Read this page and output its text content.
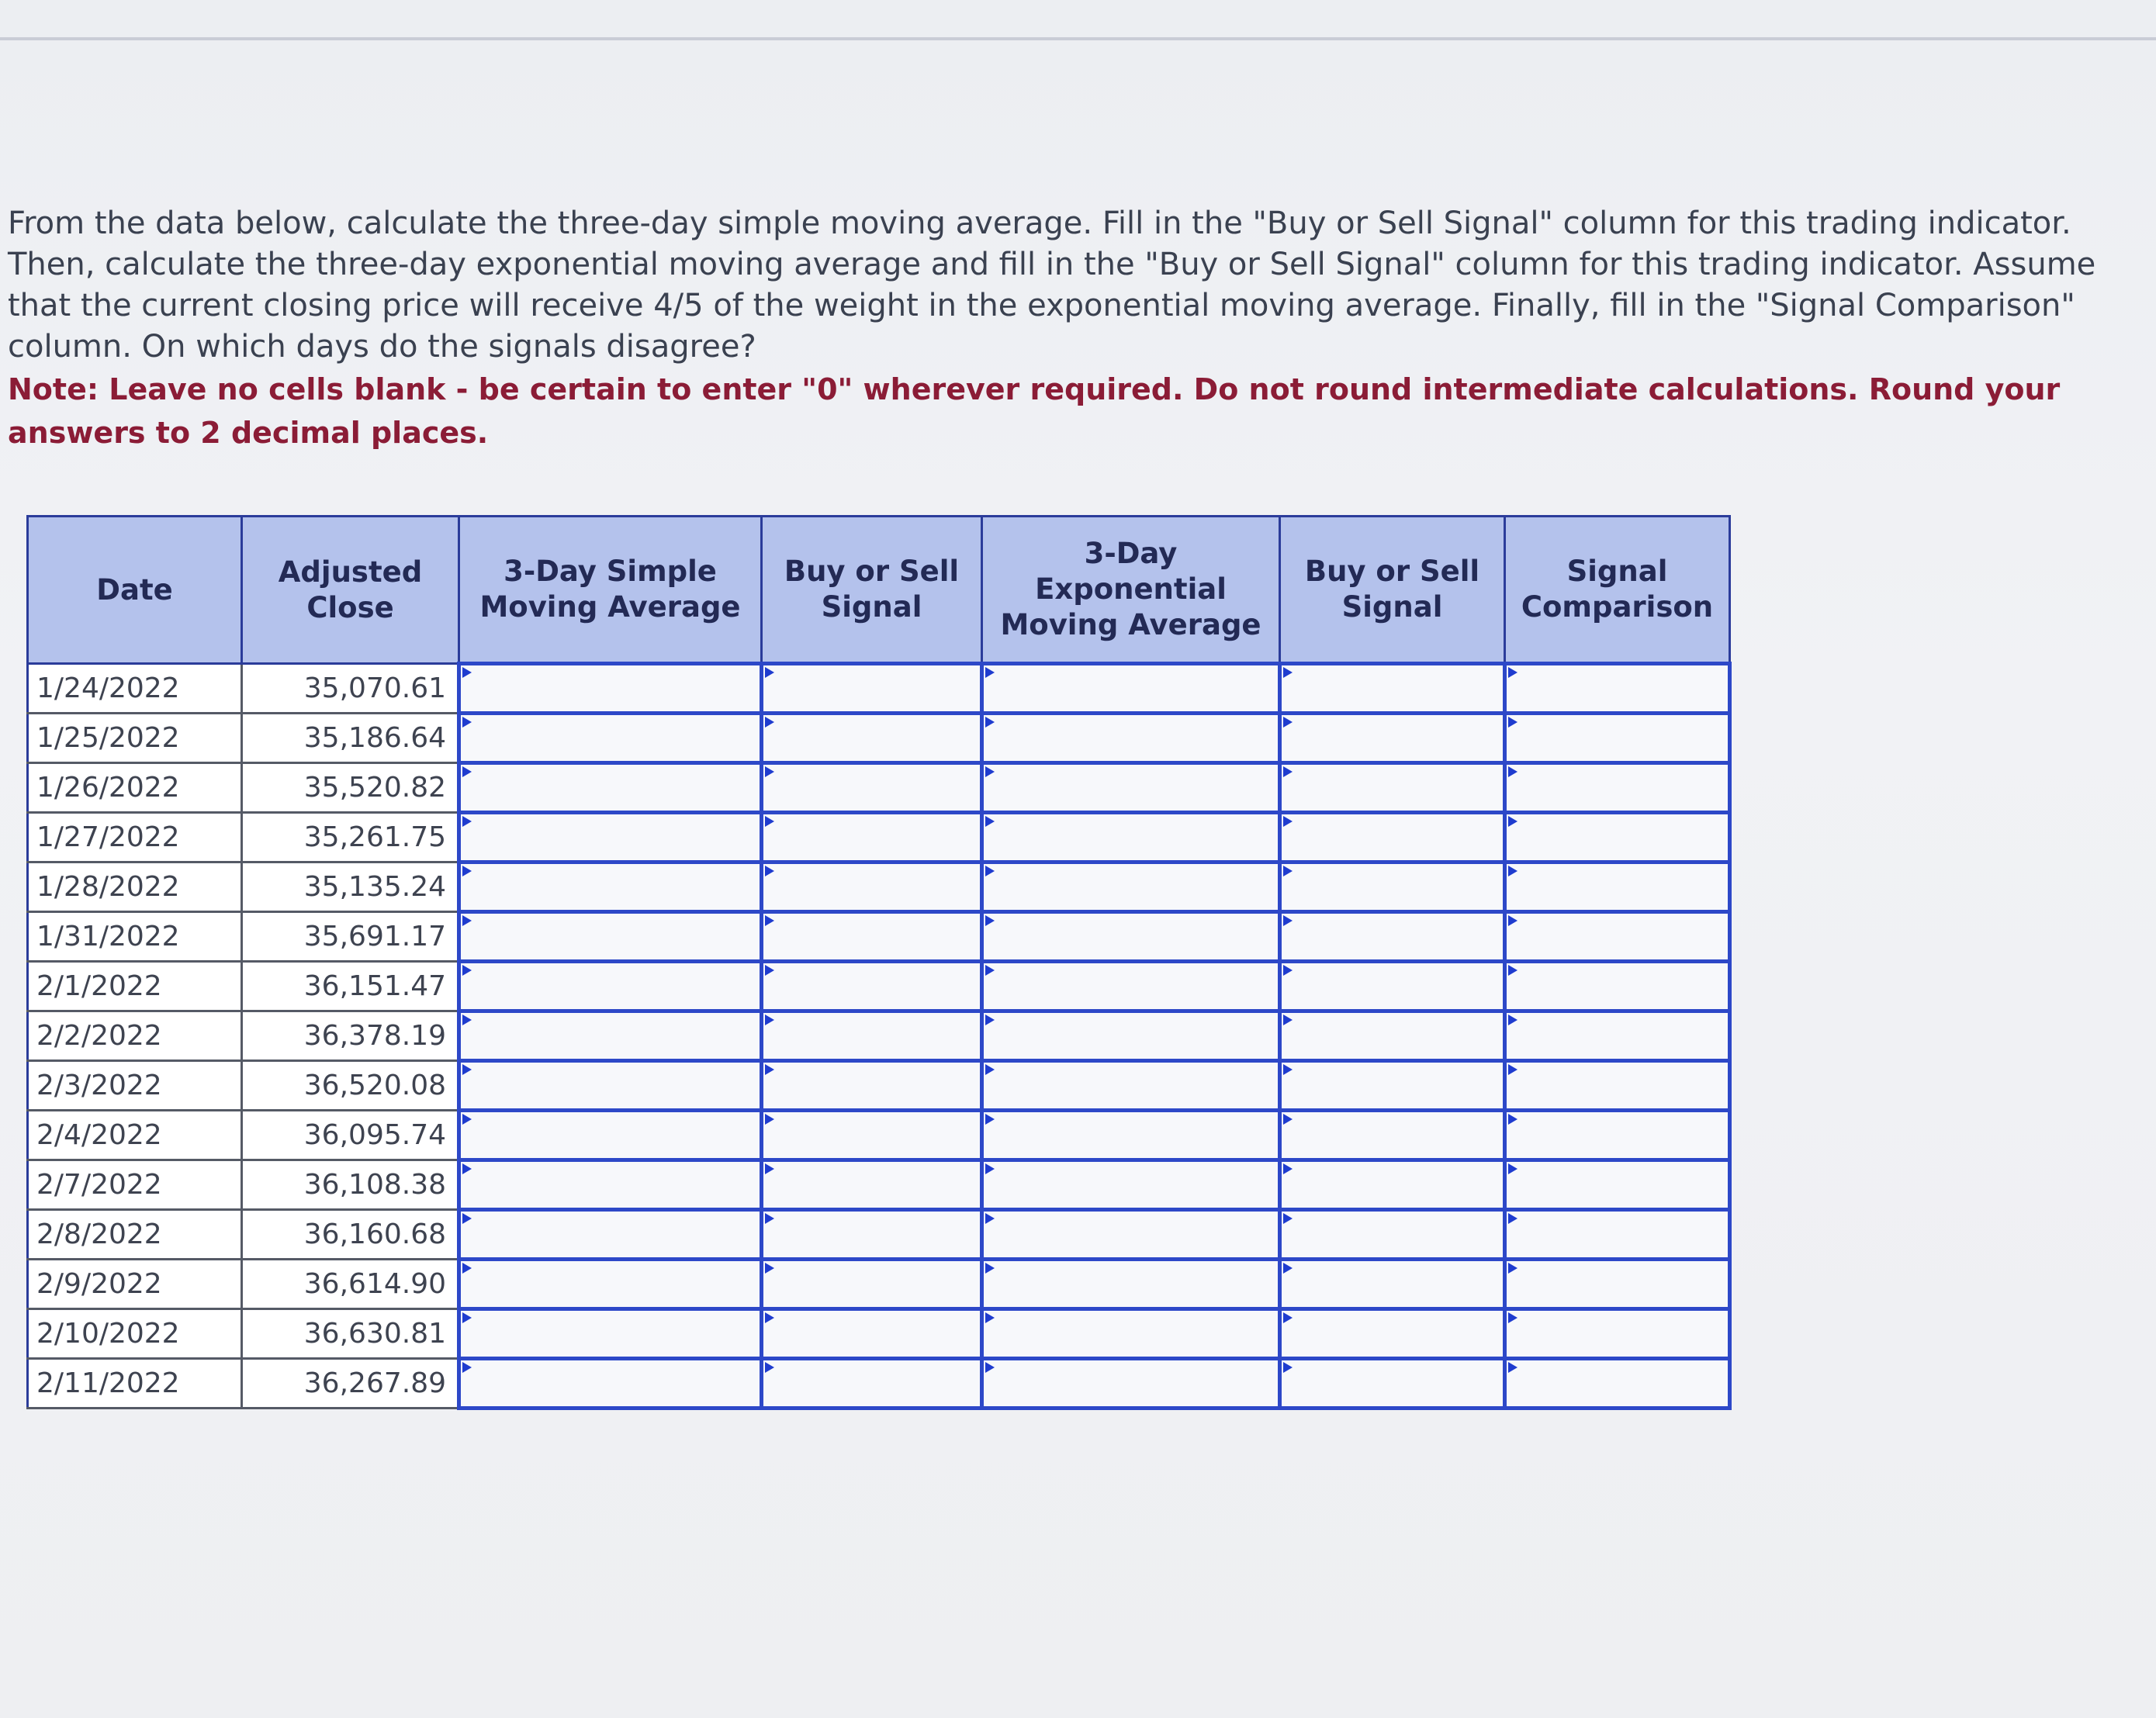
From the data below, calculate the three-day simple moving average. Fill in the "Buy or Sell Signal" column for this trading indicator. Then, calculate the three-day exponential moving average and fill in the "Buy or Sell Signal" column for this trading indicator. Assume that the current closing price will receive 4/5 of the weight in the exponential moving average. Finally, fill in the "Signal Comparison" column. On which days do the signals disagree?

Note: Leave no cells blank - be certain to enter "0" wherever required. Do not round intermediate calculations. Round your answers to 2 decimal places.

Date	Adjusted Close	3-Day Simple Moving Average	Buy or Sell Signal	3-Day Exponential Moving Average	Buy or Sell Signal	Signal Comparison
1/24/2022	35,070.61	

1/25/2022	35,186.64	

1/26/2022	35,520.82	

1/27/2022	35,261.75	

1/28/2022	35,135.24	

1/31/2022	35,691.17	

2/1/2022	36,151.47	

2/2/2022	36,378.19	

2/3/2022	36,520.08	

2/4/2022	36,095.74	

2/7/2022	36,108.38	

2/8/2022	36,160.68	

2/9/2022	36,614.90	

2/10/2022	36,630.81	

2/11/2022	36,267.89	
